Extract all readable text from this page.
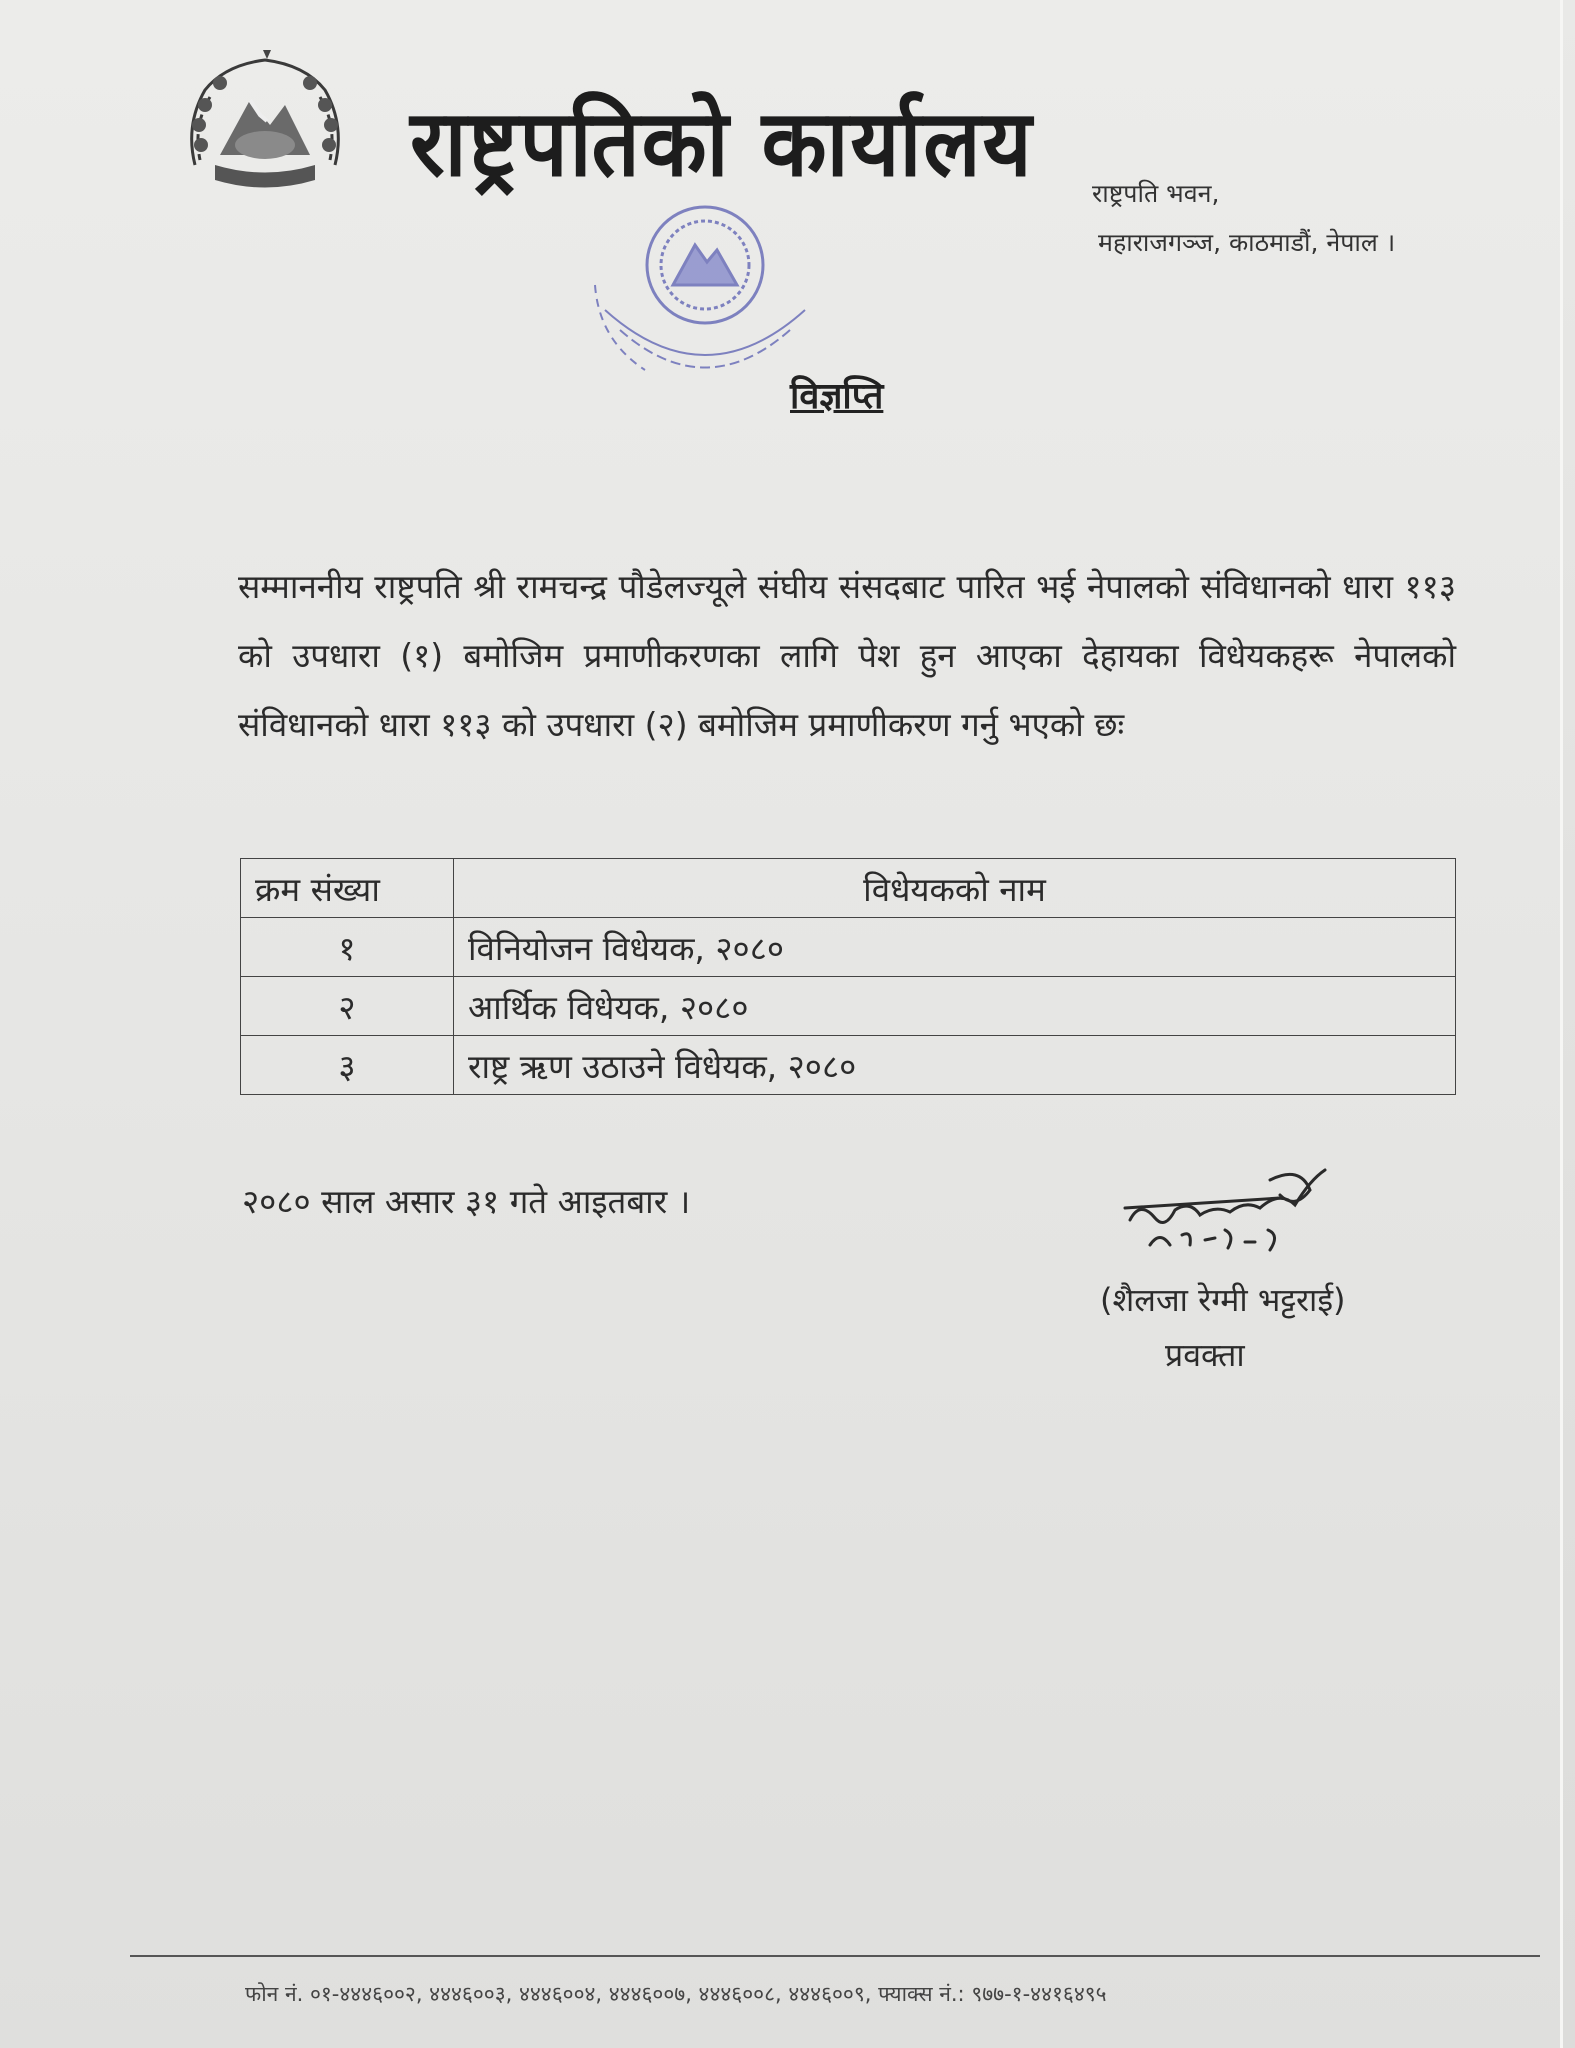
राष्ट्रपतिको कार्यालय राष्ट्रपति भवन,
महाराजगञ्ज, काठमाडौं, नेपाल ।
विज्ञप्ति
सम्माननीय राष्ट्रपति श्री रामचन्द्र पौडेलज्यूले संघीय संसदबाट पारित भई नेपालको संविधानको धारा ११३ को उपधारा (१) बमोजिम प्रमाणीकरणका लागि पेश हुन आएका देहायका विधेयकहरू नेपालको संविधानको धारा ११३ को उपधारा (२) बमोजिम प्रमाणीकरण गर्नु भएको छः
क्रम संख्या	विधेयकको नाम
१	विनियोजन विधेयक, २०८०
२	आर्थिक विधेयक, २०८०
३	राष्ट्र ऋण उठाउने विधेयक, २०८०
२०८० साल असार ३१ गते आइतबार ।
(शैलजा रेग्मी भट्टराई)
प्रवक्ता
फोन नं. ०१-४४४६००२, ४४४६००३, ४४४६००४, ४४४६००७, ४४४६००८, ४४४६००९, फ्याक्स नं.: ९७७-१-४४१६४९५
